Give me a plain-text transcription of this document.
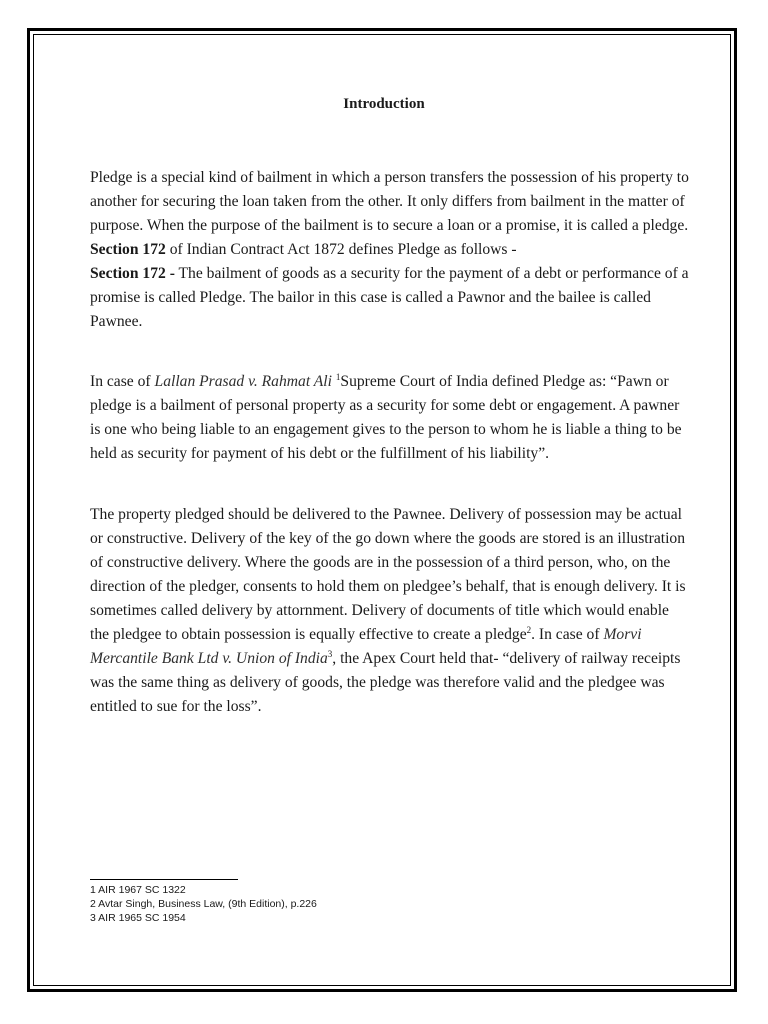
Introduction

Pledge is a special kind of bailment in which a person transfers the possession of his property to another for securing the loan taken from the other. It only differs from bailment in the matter of purpose. When the purpose of the bailment is to secure a loan or a promise, it is called a pledge. Section 172 of Indian Contract Act 1872 defines Pledge as follows -
Section 172 - The bailment of goods as a security for the payment of a debt or performance of a promise is called Pledge. The bailor in this case is called a Pawnor and the bailee is called Pawnee.

In case of Lallan Prasad v. Rahmat Ali $^1$Supreme Court of India defined Pledge as: “Pawn or pledge is a bailment of personal property as a security for some debt or engagement. A pawner is one who being liable to an engagement gives to the person to whom he is liable a thing to be held as security for payment of his debt or the fulfillment of his liability”.

The property pledged should be delivered to the Pawnee. Delivery of possession may be actual or constructive. Delivery of the key of the go down where the goods are stored is an illustration of constructive delivery. Where the goods are in the possession of a third person, who, on the direction of the pledger, consents to hold them on pledgee’s behalf, that is enough delivery. It is sometimes called delivery by attornment. Delivery of documents of title which would enable the pledgee to obtain possession is equally effective to create a pledge$^2$. In case of Morvi Mercantile Bank Ltd v. Union of India$^3$, the Apex Court held that- “delivery of railway receipts was the same thing as delivery of goods, the pledge was therefore valid and the pledgee was entitled to sue for the loss”.

1 AIR 1967 SC 1322
2 Avtar Singh, Business Law, (9th Edition), p.226
3 AIR 1965 SC 1954
